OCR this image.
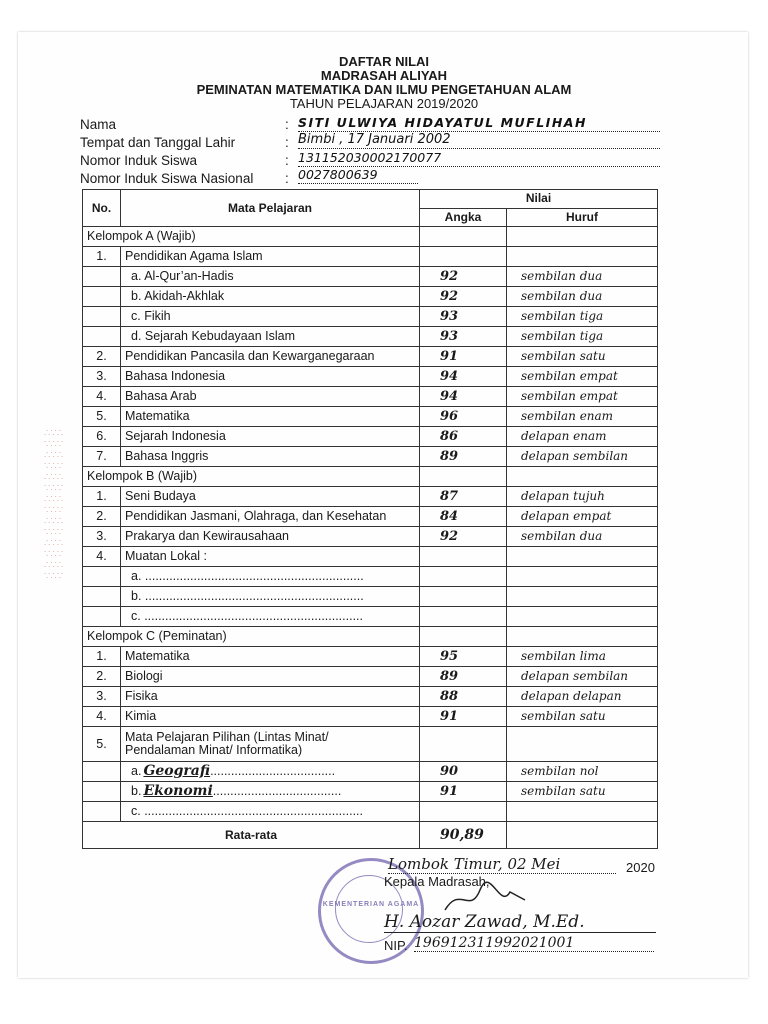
DAFTAR NILAI
MADRASAH ALIYAH
PEMINATAN MATEMATIKA DAN ILMU PENGETAHUAN ALAM
TAHUN PELAJARAN 2019/2020
Nama	: SITI ULWIYA HIDAYATUL MUFLIHAH
Tempat dan Tanggal Lahir	: Bimbi , 17 Januari 2002
Nomor Induk Siswa	: 131152030002170077
Nomor Induk Siswa Nasional : 0027800639
No.	Mata Pelajaran	Nilai	
		Angka	Huruf
Kelompok A (Wajib)			
1.	Pendidikan Agama Islam		
	a. Al-Qur’an-Hadis	92	sembilan dua
	b. Akidah-Akhlak	92	sembilan dua
	c. Fikih	93	sembilan tiga
	d. Sejarah Kebudayaan Islam	93	sembilan tiga
2.	Pendidikan Pancasila dan Kewarganegaraan	91	sembilan satu
3.	Bahasa Indonesia	94	sembilan empat
4.	Bahasa Arab	94	sembilan empat
5.	Matematika	96	sembilan enam
6.	Sejarah Indonesia	86	delapan enam
7.	Bahasa Inggris	89	delapan sembilan
Kelompok B (Wajib)			
1.	Seni Budaya	87	delapan tujuh
2.	Pendidikan Jasmani, Olahraga, dan Kesehatan	84	delapan empat
3.	Prakarya dan Kewirausahaan	92	sembilan dua
4.	Muatan Lokal :		
	a. ...............................................................		
	b. ...............................................................		
	c. ...............................................................		
Kelompok C (Peminatan)			
1.	Matematika	95	sembilan lima
2.	Biologi	89	delapan sembilan
3.	Fisika	88	delapan delapan
4.	Kimia	91	sembilan satu
5.	Mata Pelajaran Pilihan (Lintas Minat/
Pendalaman Minat/ Informatika)		

	a. Geografi....................................	90	sembilan nol
	b. Ekonomi.....................................	91	sembilan satu
	c. ...............................................................		
Rata-rata		90,89	
∴∵∴
∵∴∵
∴∵∴
∵∴∵
∴∵∴
∵∴∵
∴∵∴
∵∴∵
∴∵∴
∵∴∵
∴∵∴
∵∴∵
∴∵∴
∵∴∵
KEMENTERIAN AGAMA
Lombok Timur, 02 Mei	2020
Kepala Madrasah,
H. Aozar Zawad, M.Ed.
NIP. 196912311992021001
